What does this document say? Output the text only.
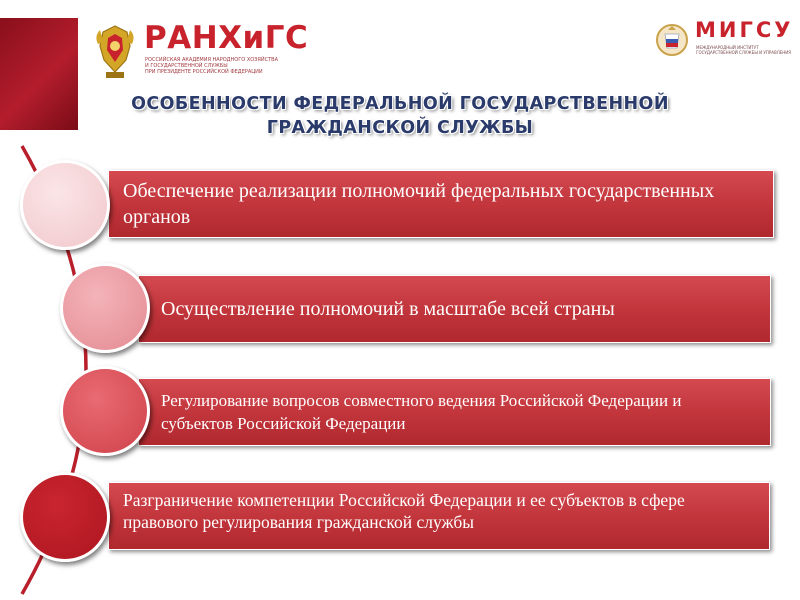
РАНХиГС
РОССИЙСКАЯ АКАДЕМИЯ НАРОДНОГО ХОЗЯЙСТВА
И ГОСУДАРСТВЕННОЙ СЛУЖБЫ
ПРИ ПРЕЗИДЕНТЕ РОССИЙСКОЙ ФЕДЕРАЦИИ
МИГСУ
МЕЖДУНАРОДНЫЙ ИНСТИТУТ
ГОСУДАРСТВЕННОЙ СЛУЖБЫ И УПРАВЛЕНИЯ
ОСОБЕННОСТИ ФЕДЕРАЛЬНОЙ ГОСУДАРСТВЕННОЙ
ГРАЖДАНСКОЙ СЛУЖБЫ
Обеспечение реализации полномочий федеральных государственных органов
Осуществление полномочий в масштабе всей страны
Регулирование вопросов совместного ведения Российской Федерации и субъектов Российской Федерации
Разграничение компетенции Российской Федерации и ее субъектов в сфере правового регулирования гражданской службы
